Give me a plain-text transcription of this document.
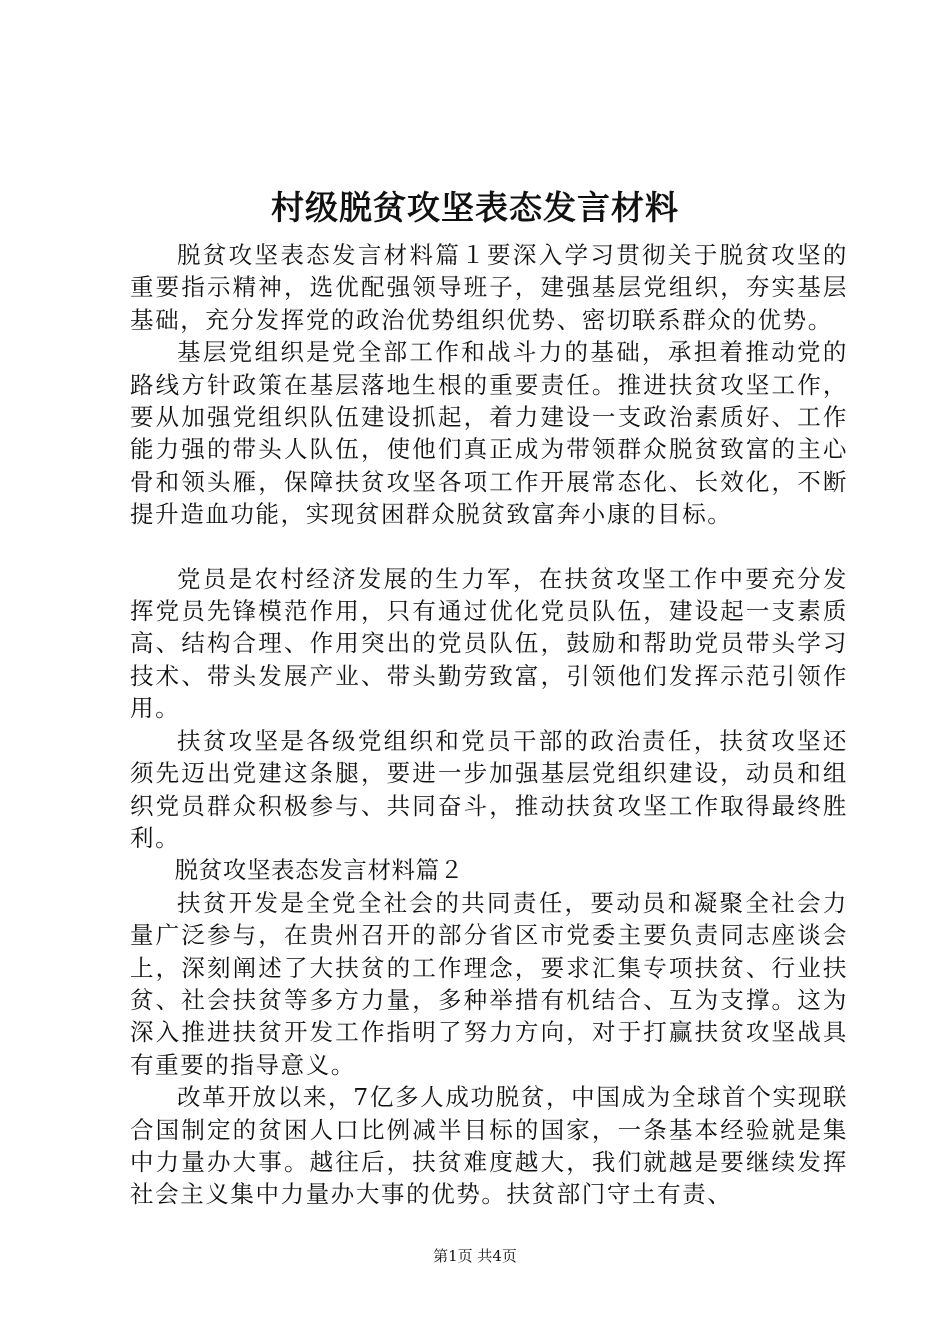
村级脱贫攻坚表态发言材料

脱贫攻坚表态发言材料篇１要深入学习贯彻关于脱贫攻坚的重要指示精神，选优配强领导班子，建强基层党组织，夯实基层基础，充分发挥党的政治优势组织优势、密切联系群众的优势。

基层党组织是党全部工作和战斗力的基础，承担着推动党的路线方针政策在基层落地生根的重要责任。推进扶贫攻坚工作，要从加强党组织队伍建设抓起，着力建设一支政治素质好、工作能力强的带头人队伍，使他们真正成为带领群众脱贫致富的主心骨和领头雁，保障扶贫攻坚各项工作开展常态化、长效化，不断提升造血功能，实现贫困群众脱贫致富奔小康的目标。

党员是农村经济发展的生力军，在扶贫攻坚工作中要充分发挥党员先锋模范作用，只有通过优化党员队伍，建设起一支素质高、结构合理、作用突出的党员队伍，鼓励和帮助党员带头学习技术、带头发展产业、带头勤劳致富，引领他们发挥示范引领作用。

扶贫攻坚是各级党组织和党员干部的政治责任，扶贫攻坚还须先迈出党建这条腿，要进一步加强基层党组织建设，动员和组织党员群众积极参与、共同奋斗，推动扶贫攻坚工作取得最终胜利。

脱贫攻坚表态发言材料篇２

扶贫开发是全党全社会的共同责任，要动员和凝聚全社会力量广泛参与，在贵州召开的部分省区市党委主要负责同志座谈会上，深刻阐述了大扶贫的工作理念，要求汇集专项扶贫、行业扶贫、社会扶贫等多方力量，多种举措有机结合、互为支撑。这为深入推进扶贫开发工作指明了努力方向，对于打赢扶贫攻坚战具有重要的指导意义。

改革开放以来，7亿多人成功脱贫，中国成为全球首个实现联合国制定的贫困人口比例减半目标的国家，一条基本经验就是集中力量办大事。越往后，扶贫难度越大，我们就越是要继续发挥社会主义集中力量办大事的优势。扶贫部门守土有责、

第1页 共4页
